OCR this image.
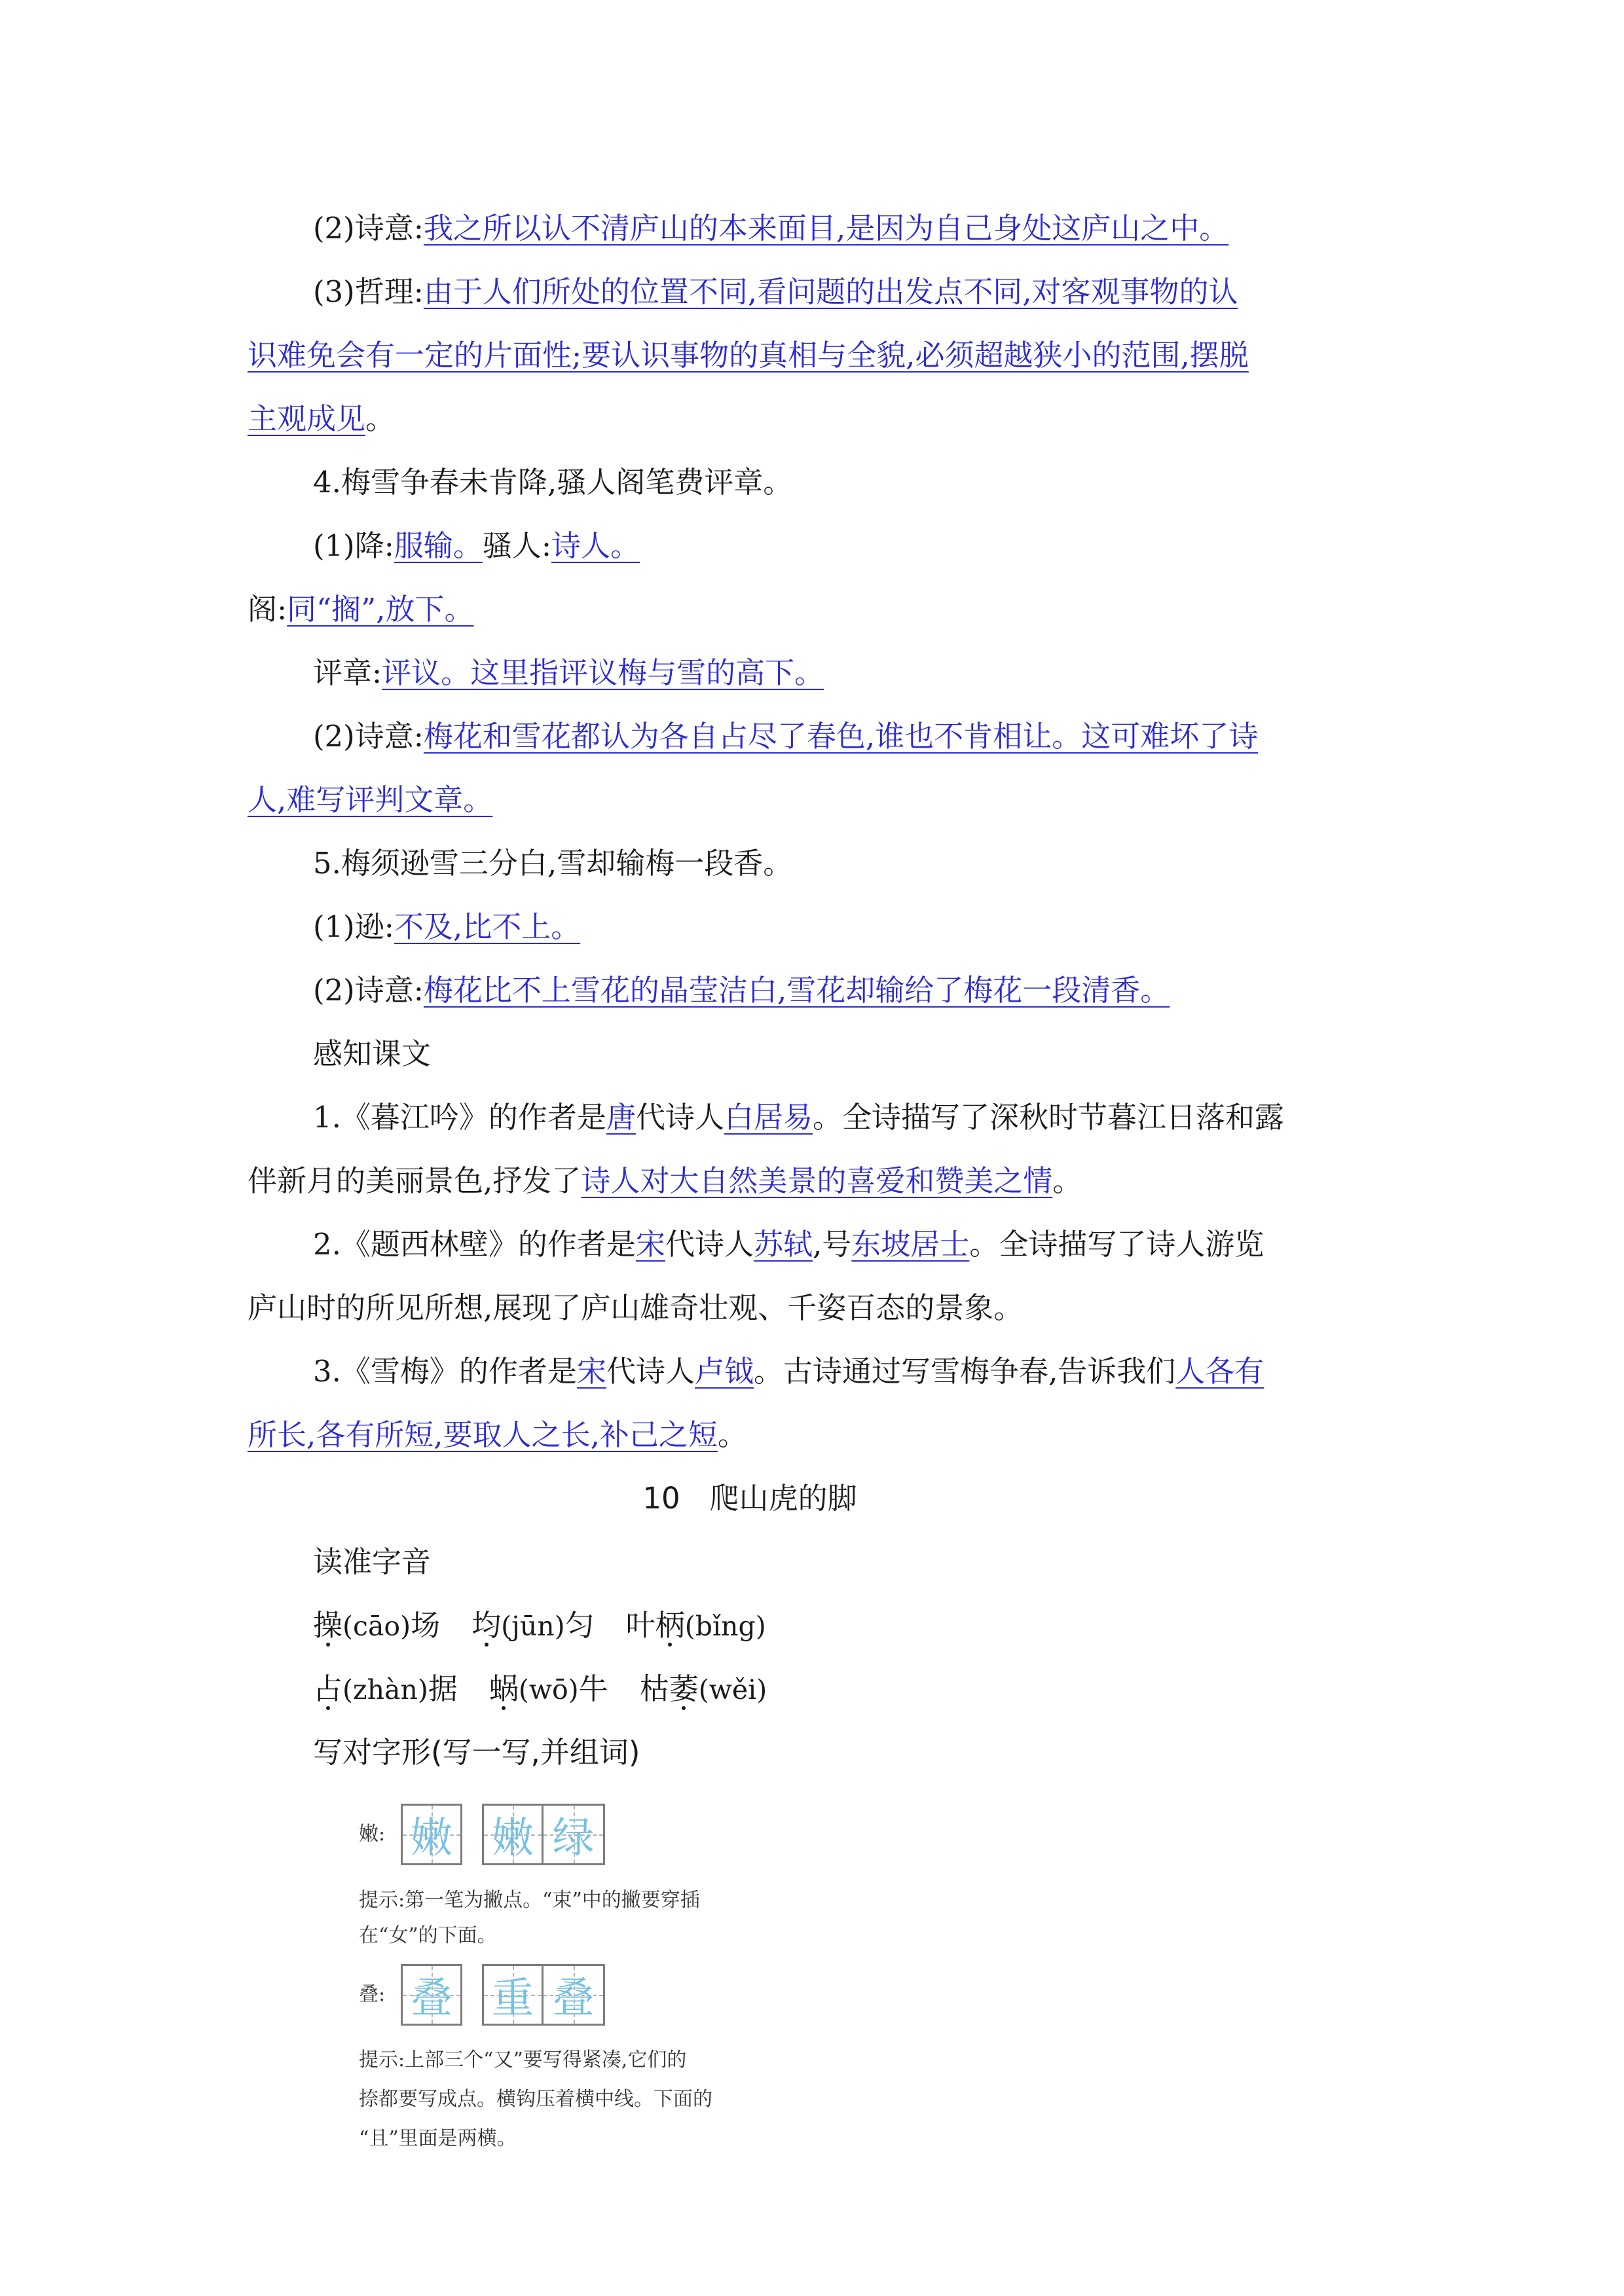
(2)诗意:我之所以认不清庐山的本来面目,是因为自己身处这庐山之中。
(3)哲理:由于人们所处的位置不同,看问题的出发点不同,对客观事物的认
识难免会有一定的片面性;要认识事物的真相与全貌,必须超越狭小的范围,摆脱
主观成见。
4.梅雪争春未肯降,骚人阁笔费评章。
(1)降:服输。骚人:诗人。
阁:同“搁”,放下。
评章:评议。这里指评议梅与雪的高下。
(2)诗意:梅花和雪花都认为各自占尽了春色,谁也不肯相让。这可难坏了诗
人,难写评判文章。
5.梅须逊雪三分白,雪却输梅一段香。
(1)逊:不及,比不上。
(2)诗意:梅花比不上雪花的晶莹洁白,雪花却输给了梅花一段清香。
感知课文
1.《暮江吟》的作者是唐代诗人白居易。全诗描写了深秋时节暮江日落和露
伴新月的美丽景色,抒发了诗人对大自然美景的喜爱和赞美之情。
2.《题西林壁》的作者是宋代诗人苏轼,号东坡居士。全诗描写了诗人游览
庐山时的所见所想,展现了庐山雄奇壮观、千姿百态的景象。
3.《雪梅》的作者是宋代诗人卢钺。古诗通过写雪梅争春,告诉我们人各有
所长,各有所短,要取人之长,补己之短。
10　爬山虎的脚
读准字音
操(cāo)场 均(jūn)匀 叶柄(bǐng)
占(zhàn)据 蜗(wō)牛 枯萎(wěi)
写对字形(写一写,并组词)
嫩: 嫩 嫩 绿
提示:第一笔为撇点。“束”中的撇要穿插
在“女”的下面。
叠: 叠 重 叠
提示:上部三个“又”要写得紧凑,它们的
捺都要写成点。横钩压着横中线。下面的
“且”里面是两横。
